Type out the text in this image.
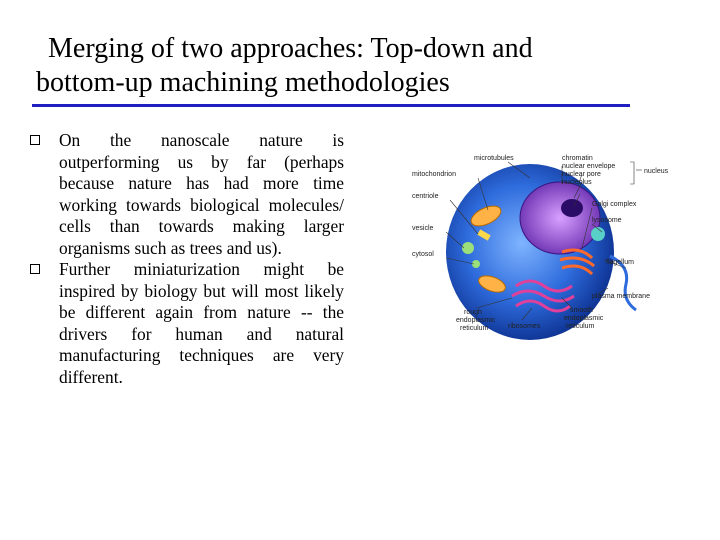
Merging of two approaches: Top-down and
bottom-up machining methodologies
On the nanoscale nature is outperforming us by far (perhaps because nature has had more time working towards biological molecules/ cells than towards making larger organisms such as trees and us).
Further miniaturization might be inspired by biology but will most likely be different again from nature -- the drivers for human and natural manufacturing techniques are very different.
microtubules	chromatin
nuclear envelope
nuclear pore
nucleolus
nucleus
mitochondrion
Golgi complex
centriole
lysosome
vesicle
cytosol
flagellum
plasma membrane
rough
endoplasmic
reticulum	ribosomes
smooth
endoplasmic
reticulum
